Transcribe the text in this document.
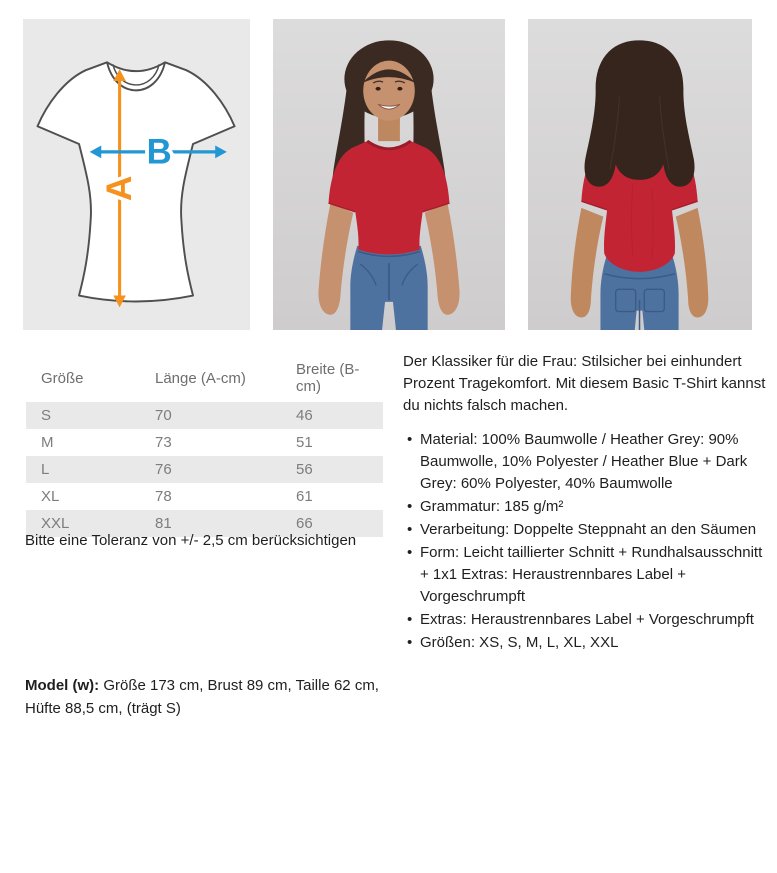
A
B
Größe	Länge (A-cm)	Breite (B-cm)
S	70	46
M	73	51
L	76	56
XL	78	61
XXL	81	66

Bitte eine Toleranz von +/- 2,5 cm berücksichtigen

Model (w): Größe 173 cm, Brust 89 cm, Taille 62 cm, Hüfte 88,5 cm, (trägt S)

Der Klassiker für die Frau: Stilsicher bei einhundert Prozent Tragekomfort. Mit diesem Basic T-Shirt kannst du nichts falsch machen.

• Material: 100% Baumwolle / Heather Grey: 90% Baumwolle, 10% Polyester / Heather Blue + Dark Grey: 60% Polyester, 40% Baumwolle
• Grammatur: 185 g/m²
• Verarbeitung: Doppelte Steppnaht an den Säumen
• Form: Leicht taillierter Schnitt + Rundhalsausschnitt + 1x1 Extras: Heraustrennbares Label + Vorgeschrumpft
• Extras: Heraustrennbares Label + Vorgeschrumpft
• Größen: XS, S, M, L, XL, XXL
